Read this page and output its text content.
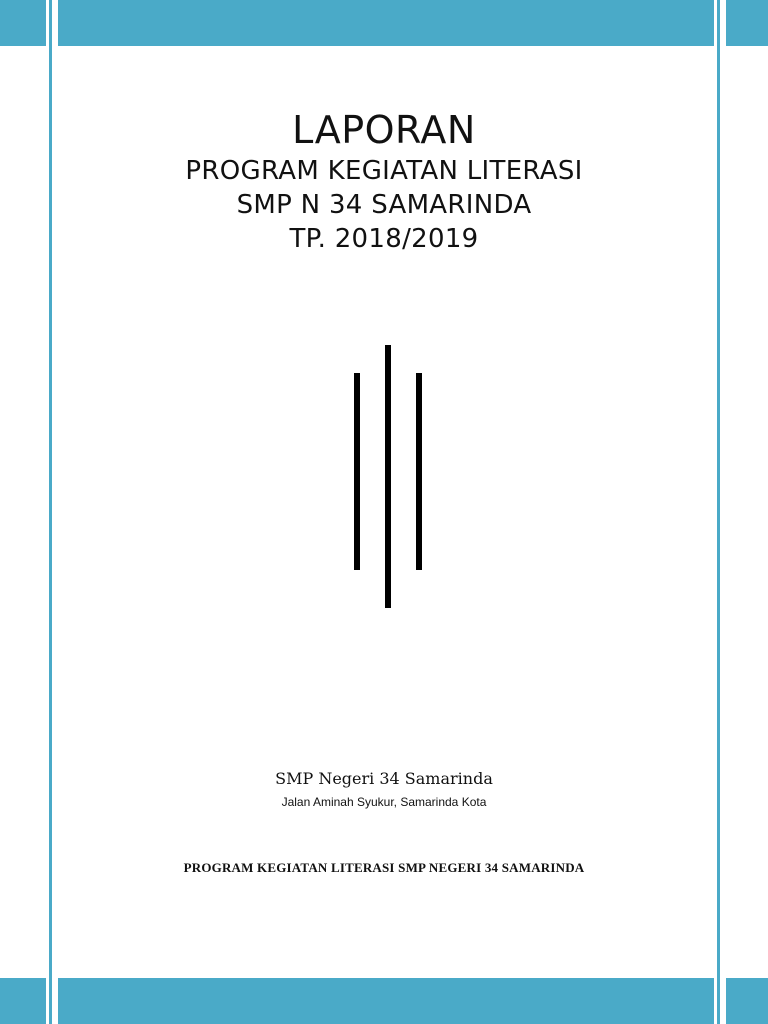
LAPORAN
PROGRAM KEGIATAN LITERASI
SMP N 34 SAMARINDA
TP. 2018/2019
SMP Negeri 34 Samarinda
Jalan Aminah Syukur, Samarinda Kota
PROGRAM KEGIATAN LITERASI SMP NEGERI 34 SAMARINDA
